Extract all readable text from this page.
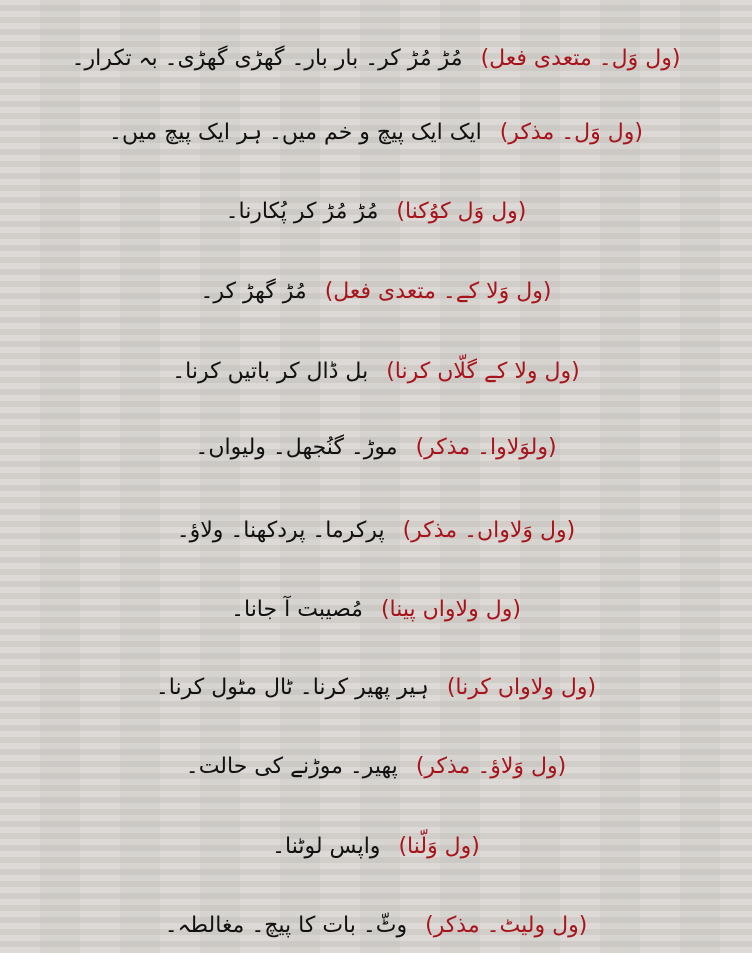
(ول وَل۔ متعدی فعل)مُڑ مُڑ کر۔ بار بار۔ گھڑی گھڑی۔ بہ تکرار۔
(ول وَل۔ مذکر)ایک ایک پیچ و خم میں۔ ہر ایک پیچ میں۔
(ول وَل کوُکنا)مُڑ مُڑ کر پُکارنا۔
(ول وَلا کے۔ متعدی فعل)مُڑ گھڑ کر۔
(ول ولا کے گلّاں کرنا)بل ڈال کر باتیں کرنا۔
(ولوَلاوا۔ مذکر)موڑ۔ گنُجھل۔ ولیواں۔
(ول وَلاواں۔ مذکر)پرکرما۔ پردکھنا۔ ولاؤ۔
(ول ولاواں پینا)مُصیبت آ جانا۔
(ول ولاواں کرنا)ہیر پھیر کرنا۔ ٹال مٹول کرنا۔
(ول وَلاؤ۔ مذکر)پھیر۔ موڑنے کی حالت۔
(ول وَلّنا)واپس لوٹنا۔
(ول ولیٹ۔ مذکر)وٹّ۔ بات کا پیچ۔ مغالطہ۔
